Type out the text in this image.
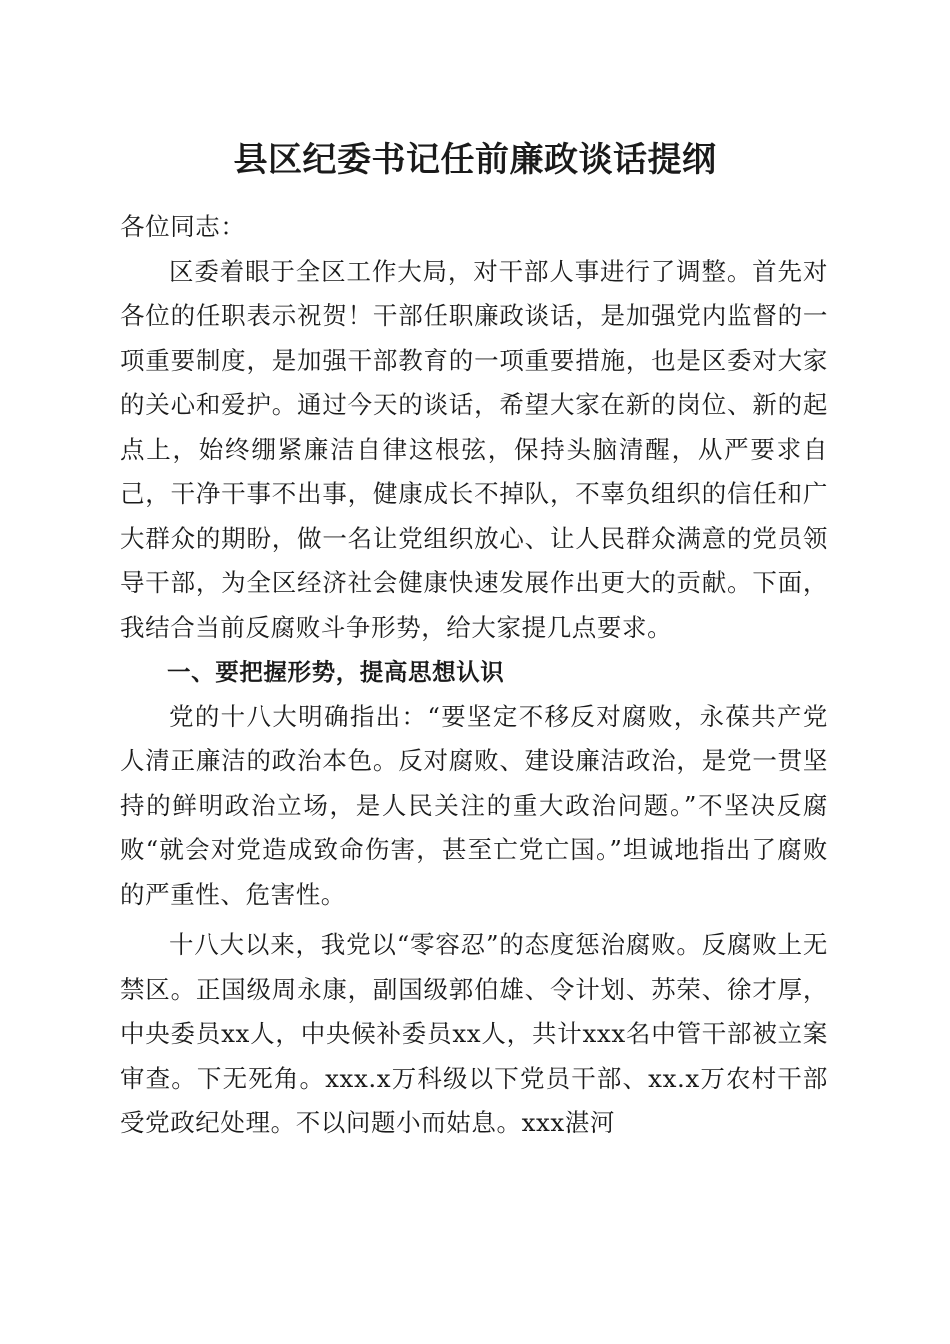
县区纪委书记任前廉政谈话提纲

各位同志：

区委着眼于全区工作大局，对干部人事进行了调整。首先对各位的任职表示祝贺！干部任职廉政谈话，是加强党内监督的一项重要制度，是加强干部教育的一项重要措施，也是区委对大家的关心和爱护。通过今天的谈话，希望大家在新的岗位、新的起点上，始终绷紧廉洁自律这根弦，保持头脑清醒，从严要求自己，干净干事不出事，健康成长不掉队，不辜负组织的信任和广大群众的期盼，做一名让党组织放心、让人民群众满意的党员领导干部，为全区经济社会健康快速发展作出更大的贡献。下面，我结合当前反腐败斗争形势，给大家提几点要求。

一、要把握形势，提高思想认识

党的十八大明确指出：“要坚定不移反对腐败，永葆共产党人清正廉洁的政治本色。反对腐败、建设廉洁政治，是党一贯坚持的鲜明政治立场，是人民关注的重大政治问题。”不坚决反腐败“就会对党造成致命伤害，甚至亡党亡国。”坦诚地指出了腐败的严重性、危害性。

十八大以来，我党以“零容忍”的态度惩治腐败。反腐败上无禁区。正国级周永康，副国级郭伯雄、令计划、苏荣、徐才厚，中央委员xx人，中央候补委员xx人，共计xxx名中管干部被立案审查。下无死角。xxx.x万科级以下党员干部、xx.x万农村干部受党政纪处理。不以问题小而姑息。xxx湛河
